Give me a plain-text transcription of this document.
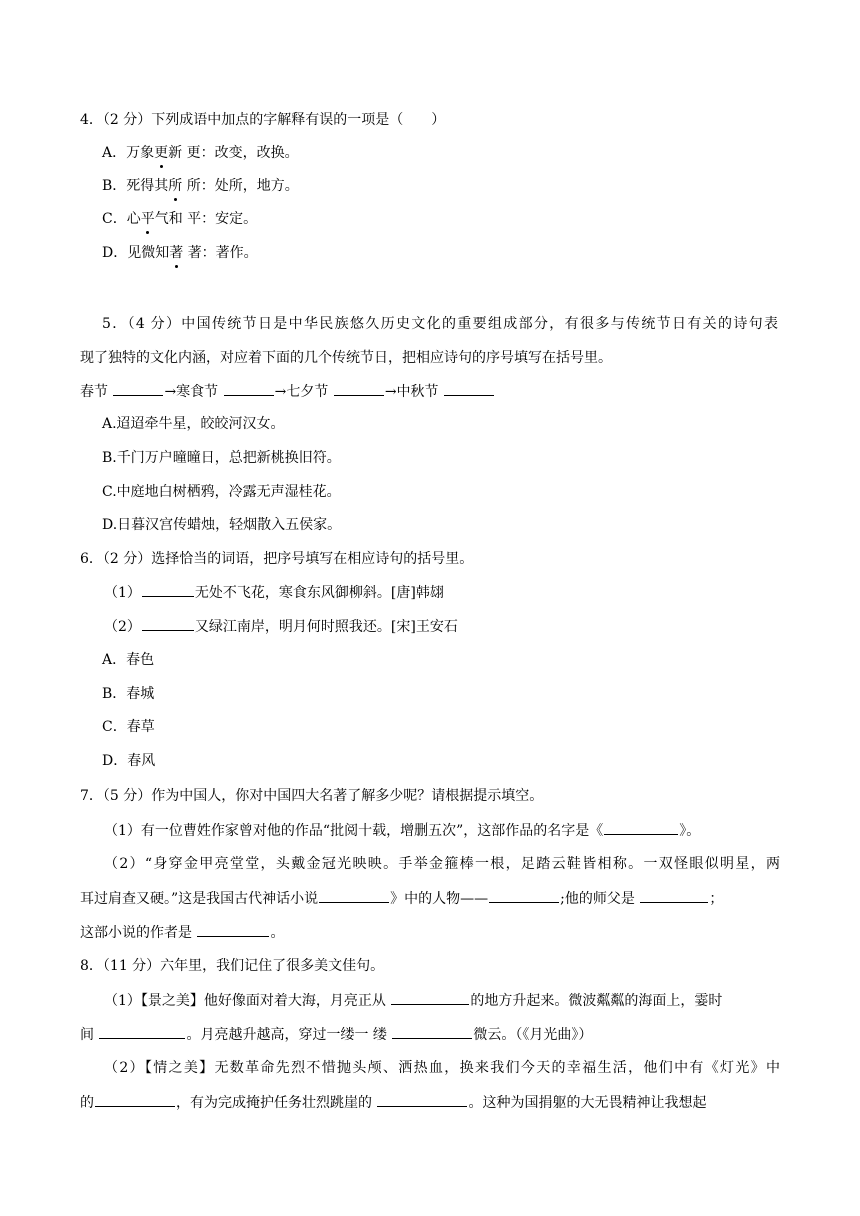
4．（2 分）下列成语中加点的字解释有误的一项是（　　）
A．万象更新 更：改变，改换。
B．死得其所 所：处所，地方。
C．心平气和 平：安定。
D．见微知著 著：著作。
5．（4 分）中国传统节日是中华民族悠久历史文化的重要组成部分，有很多与传统节日有关的诗句表
现了独特的文化内涵，对应着下面的几个传统节日，把相应诗句的序号填写在括号里。
春节	→寒食节	→七夕节	→中秋节
A.迢迢牵牛星，皎皎河汉女。
B.千门万户曈曈日，总把新桃换旧符。
C.中庭地白树栖鸦，冷露无声湿桂花。
D.日暮汉宫传蜡烛，轻烟散入五侯家。
6．（2 分）选择恰当的词语，把序号填写在相应诗句的括号里。
（1）	无处不飞花，寒食东风御柳斜。[唐]韩翃
（2）	又绿江南岸，明月何时照我还。[宋]王安石
A．春色
B．春城
C．春草
D．春风
7．（5 分）作为中国人，你对中国四大名著了解多少呢？请根据提示填空。
（1）有一位曹姓作家曾对他的作品“批阅十载，增删五次”，这部作品的名字是《	》。
（2）“身穿金甲亮堂堂，头戴金冠光映映。手举金箍棒一根，足踏云鞋皆相称。一双怪眼似明星，两
耳过肩查又硬。”这是我国古代神话小说	》中的人物——	;他的师父是	；
这部小说的作者是	。
8．（11 分）六年里，我们记住了很多美文佳句。
（1）【景之美】他好像面对着大海，月亮正从	的地方升起来。微波粼粼的海面上，霎时
间	。月亮越升越高，穿过一缕一 缕	微云。（《月光曲》）
（2）【情之美】无数革命先烈不惜抛头颅、洒热血，换来我们今天的幸福生活，他们中有《灯光》中
的	，有为完成掩护任务壮烈跳崖的	。这种为国捐躯的大无畏精神让我想起
